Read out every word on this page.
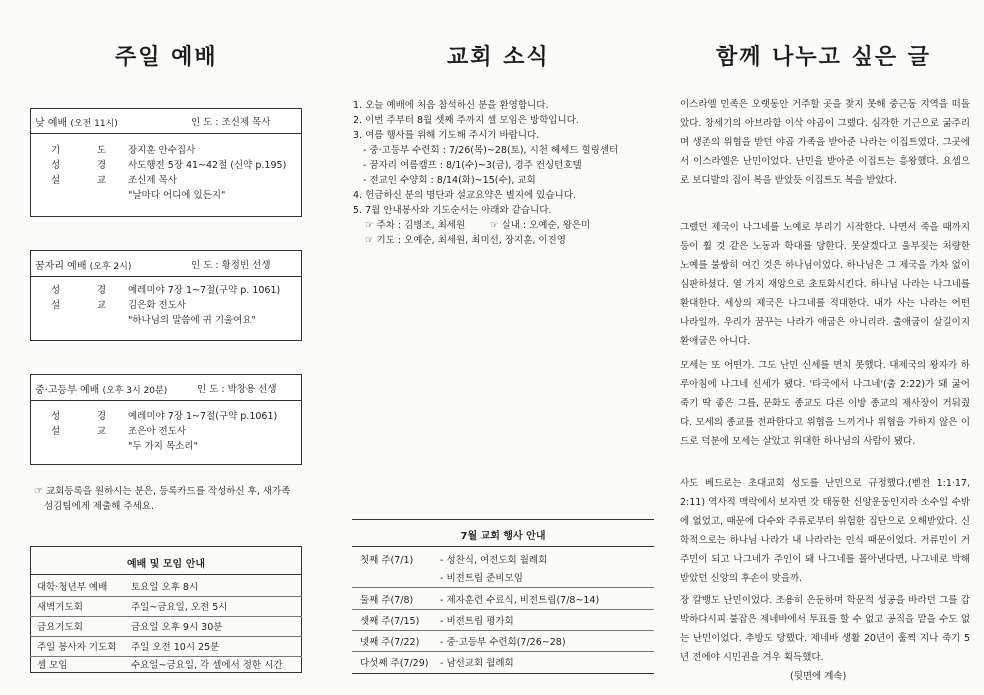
주일 예배
낮 예배 (오전 11시)	인 도 : 조신제 목사
기 도 장지훈 안수집사
성 경 사도행전 5장 41~42절 (신약 p.195)
설 교 조신제 목사
"날마다 어디에 있든지"
꿈자리 예배 (오후 2시)	인 도 : 황정빈 선생
성 경 예레미야 7장 1~7절(구약 p. 1061)
설 교 김은화 전도사
"하나님의 말씀에 귀 기울여요"
중·고등부 예배 (오후 3시 20분)	인 도 : 박창용 선생
성 경 예레미야 7장 1~7절(구약 p.1061)
설 교 조은아 전도사
"두 가지 목소리"
☞ 교회등록을 원하시는 분은, 등록카드를 작성하신 후, 새가족
섬김팀에게 제출해 주세요.
예배 및 모임 안내
대학·청년부 예배 토요일 오후 8시
새벽기도회	주일~금요일, 오전 5시
금요기도회	금요일 오후 9시 30분
주일 봉사자 기도회 주일 오전 10시 25분
셀 모임	수요일~금요일, 각 셀에서 정한 시간
교회 소식
1. 오늘 예배에 처음 참석하신 분을 환영합니다.
2. 이번 주부터 8월 셋째 주까지 셀 모임은 방학입니다.
3. 여름 행사를 위해 기도해 주시기 바랍니다.
- 중·고등부 수련회 : 7/26(목)~28(토), 시천 헤세드 힐링센터
- 꿈자리 여름캠프 : 8/1(수)~3(금), 경주 컨싱턴호텔
- 전교인 수양회 : 8/14(화)~15(수), 교회
4. 헌금하신 분의 명단과 설교요약은 별지에 있습니다.
5. 7월 안내봉사와 기도순서는 아래와 같습니다.
☞ 주차 : 김병조, 최세원	☞ 실내 : 오예순, 왕은미
☞ 기도 : 오예순, 최세원, 최미선, 장지훈, 이진영
7월 교회 행사 안내
첫째 주(7/1)	- 성찬식, 여전도회 월례회
- 비전트립 준비모임
둘째 주(7/8)	- 제자훈련 수료식, 비전트립(7/8~14)
셋째 주(7/15) - 비전트립 평가회
넷째 주(7/22) - 중·고등부 수련회(7/26~28)
다섯째 주(7/29) - 남선교회 월례회
함께 나누고 싶은 글
이스라엘 민족은 오랫동안 거주할 곳을 찾지 못해 중근동 지역을 떠돌았다. 창세기의 아브라함 이삭 야곱이 그랬다. 심각한 기근으로 굶주리며 생존의 위협을 받던 야곱 가족을 받아준 나라는 이집트였다. 그곳에서 이스라엘은 난민이었다. 난민을 받아준 이집트는 흥왕했다. 요셉으로 보디발의 집이 복을 받았듯 이집트도 복을 받았다.
그랬던 제국이 나그네를 노예로 부리기 시작한다. 나면서 죽을 때까지 등이 휠 것 같은 노동과 학대를 당한다. 못살겠다고 울부짖는 처량한 노예를 불쌍히 여긴 것은 하나님이었다. 하나님은 그 제국을 가차 없이 심판하셨다. 열 가지 재앙으로 초토화시킨다. 하나님 나라는 나그네를 환대한다. 세상의 제국은 나그네를 적대한다. 내가 사는 나라는 어떤 나라일까. 우리가 꿈꾸는 나라가 애굽은 아니리라. 출애굽이 살길이지 환애굽은 아니다.
모세는 또 어떤가. 그도 난민 신세를 면치 못했다. 대제국의 왕자가 하루아침에 나그네 신세가 됐다. '타국에서 나그네'(출 2:22)가 돼 굶어죽기 딱 좋은 그를, 문화도 종교도 다른 이방 종교의 제사장이 거둬줬다. 모세의 종교를 전파한다고 위협을 느끼거나 위협을 가하지 않은 이드로 덕분에 모세는 살았고 위대한 하나님의 사람이 됐다.
사도 베드로는 초대교회 성도를 난민으로 규정했다.(벧전 1:1·17, 2:11) 역사적 맥락에서 보자면 갓 태동한 신앙운동인지라 소수일 수밖에 없었고, 때문에 다수와 주류로부터 위험한 집단으로 오해받았다. 신학적으로는 하나님 나라가 내 나라라는 인식 때문이었다. 거류민이 거주민이 되고 나그네가 주인이 돼 나그네를 몰아낸다면, 나그네로 박해받았던 신앙의 후손이 맞을까.
장 칼뱅도 난민이었다. 조용히 은둔하며 학문적 성공을 바라던 그를 갑박하다시피 불잡은 제네바에서 투표를 할 수 없고 공직을 맡을 수도 없는 난민이었다. 추방도 당했다. 제네바 생활 20년이 훌쩍 지나 죽기 5년 전에야 시민권을 겨우 획득했다.
(뒷면에 계속)
